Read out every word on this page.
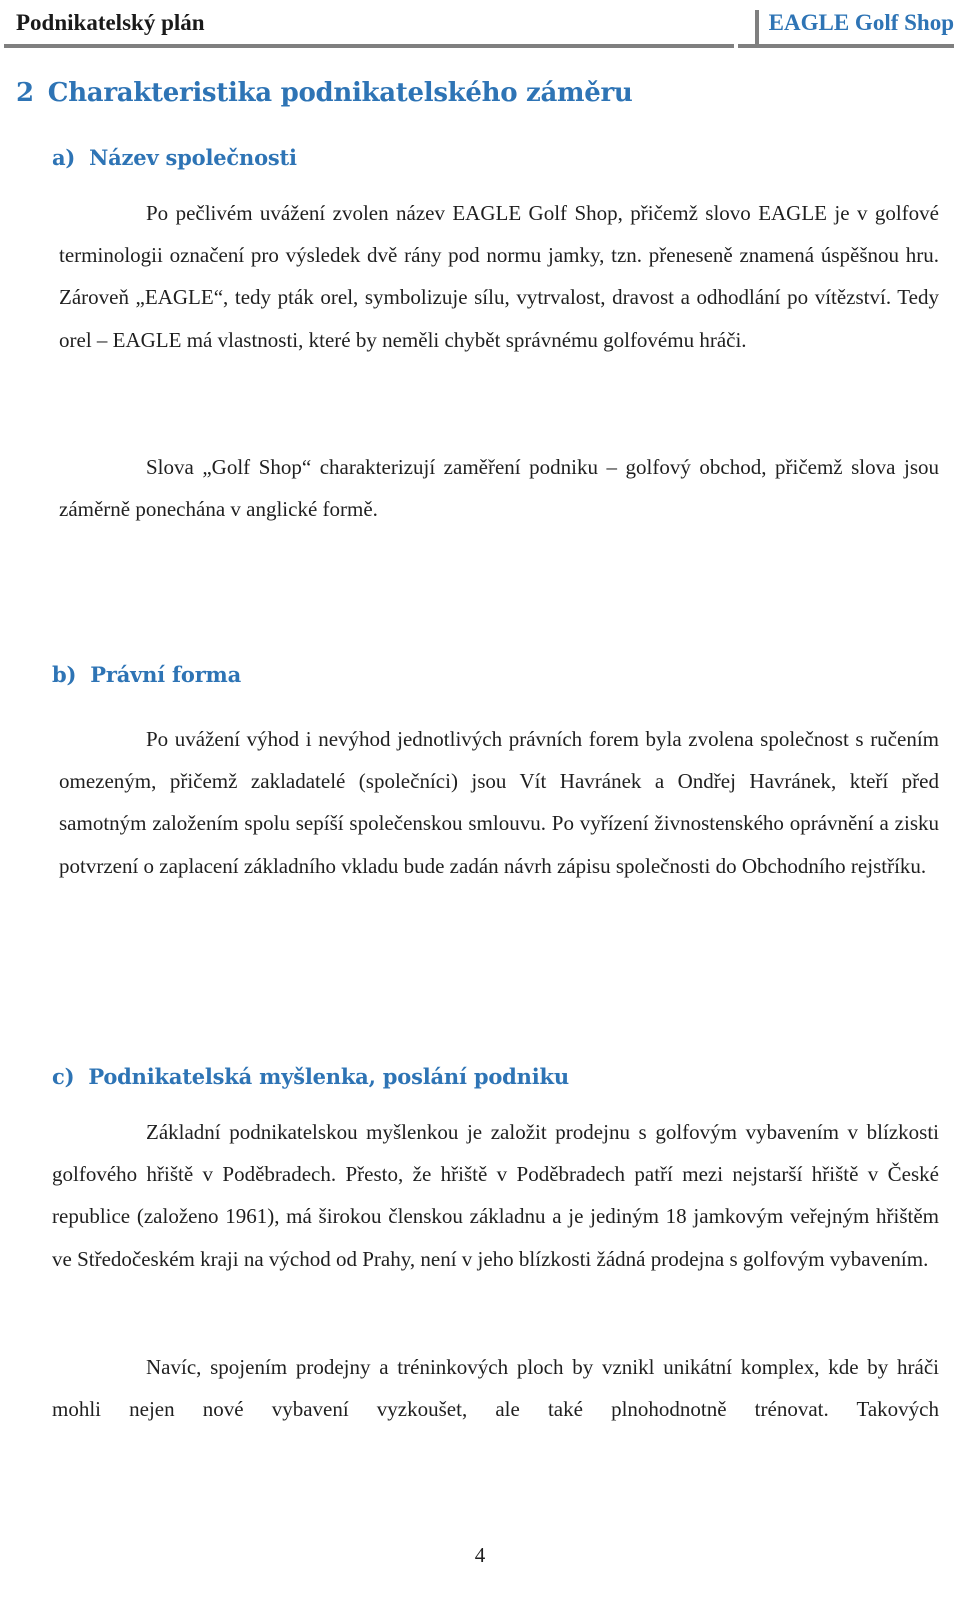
Podnikatelský plán	EAGLE Golf Shop
2 Charakteristika podnikatelského záměru
a) Název společnosti

Po pečlivém uvážení zvolen název EAGLE Golf Shop, přičemž slovo EAGLE je v golfové terminologii označení pro výsledek dvě rány pod normu jamky, tzn. přeneseně znamená úspěšnou hru. Zároveň „EAGLE“, tedy pták orel, symbolizuje sílu, vytrvalost, dravost a odhodlání po vítězství. Tedy orel – EAGLE má vlastnosti, které by neměli chybět správnému golfovému hráči.

Slova „Golf Shop“ charakterizují zaměření podniku – golfový obchod, přičemž slova jsou záměrně ponechána v anglické formě.

b) Právní forma

Po uvážení výhod i nevýhod jednotlivých právních forem byla zvolena společnost s ručením omezeným, přičemž zakladatelé (společníci) jsou Vít Havránek a Ondřej Havránek, kteří před samotným založením spolu sepíší společenskou smlouvu. Po vyřízení živnostenského oprávnění a zisku potvrzení o zaplacení základního vkladu bude zadán návrh zápisu společnosti do Obchodního rejstříku.

c) Podnikatelská myšlenka, poslání podniku

Základní podnikatelskou myšlenkou je založit prodejnu s golfovým vybavením v blízkosti golfového hřiště v Poděbradech. Přesto, že hřiště v Poděbradech patří mezi nejstarší hřiště v České republice (založeno 1961), má širokou členskou základnu a je jediným 18 jamkovým veřejným hřištěm ve Středočeském kraji na východ od Prahy, není v jeho blízkosti žádná prodejna s golfovým vybavením.

Navíc, spojením prodejny a tréninkových ploch by vznikl unikátní komplex, kde by hráči mohli nejen nové vybavení vyzkoušet, ale také plnohodnotně trénovat. Takových

4
